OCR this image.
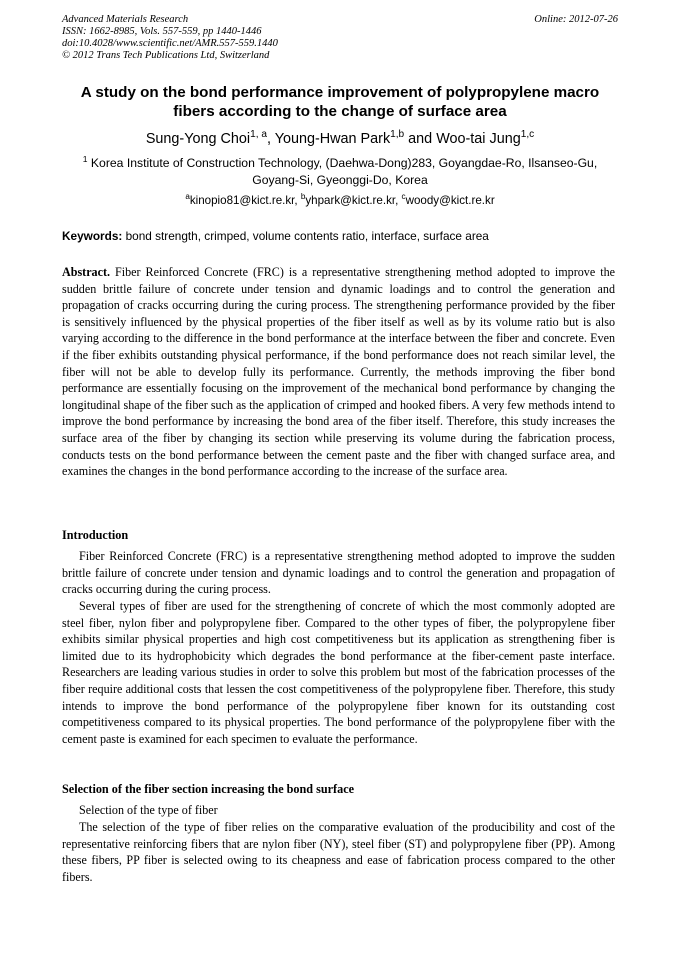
Advanced Materials Research
ISSN: 1662-8985, Vols. 557-559, pp 1440-1446
doi:10.4028/www.scientific.net/AMR.557-559.1440
© 2012 Trans Tech Publications Ltd, Switzerland
Online: 2012-07-26
A study on the bond performance improvement of polypropylene macro fibers according to the change of surface area
Sung-Yong Choi$^{1, a}$, Young-Hwan Park$^{1,b}$ and Woo-tai Jung$^{1,c}$
$^1$ Korea Institute of Construction Technology, (Daehwa-Dong)283, Goyangdae-Ro, Ilsanseo-Gu, Goyang-Si, Gyeonggi-Do, Korea
$^a$kinopio81@kict.re.kr, $^b$yhpark@kict.re.kr, $^c$woody@kict.re.kr
Keywords: bond strength, crimped, volume contents ratio, interface, surface area

Abstract. Fiber Reinforced Concrete (FRC) is a representative strengthening method adopted to improve the sudden brittle failure of concrete under tension and dynamic loadings and to control the generation and propagation of cracks occurring during the curing process. The strengthening performance provided by the fiber is sensitively influenced by the physical properties of the fiber itself as well as by its volume ratio but is also varying according to the difference in the bond performance at the interface between the fiber and concrete. Even if the fiber exhibits outstanding physical performance, if the bond performance does not reach similar level, the fiber will not be able to develop fully its performance. Currently, the methods improving the fiber bond performance are essentially focusing on the improvement of the mechanical bond performance by changing the longitudinal shape of the fiber such as the application of crimped and hooked fibers. A very few methods intend to improve the bond performance by increasing the bond area of the fiber itself. Therefore, this study increases the surface area of the fiber by changing its section while preserving its volume during the fabrication process, conducts tests on the bond performance between the cement paste and the fiber with changed surface area, and examines the changes in the bond performance according to the increase of the surface area.

Introduction

Fiber Reinforced Concrete (FRC) is a representative strengthening method adopted to improve the sudden brittle failure of concrete under tension and dynamic loadings and to control the generation and propagation of cracks occurring during the curing process.

Several types of fiber are used for the strengthening of concrete of which the most commonly adopted are steel fiber, nylon fiber and polypropylene fiber. Compared to the other types of fiber, the polypropylene fiber exhibits similar physical properties and high cost competitiveness but its application as strengthening fiber is limited due to its hydrophobicity which degrades the bond performance at the fiber-cement paste interface. Researchers are leading various studies in order to solve this problem but most of the fabrication processes of the fiber require additional costs that lessen the cost competitiveness of the polypropylene fiber. Therefore, this study intends to improve the bond performance of the polypropylene fiber known for its outstanding cost competitiveness compared to its physical properties. The bond performance of the polypropylene fiber with the cement paste is examined for each specimen to evaluate the performance.

Selection of the fiber section increasing the bond surface

Selection of the type of fiber

The selection of the type of fiber relies on the comparative evaluation of the producibility and cost of the representative reinforcing fibers that are nylon fiber (NY), steel fiber (ST) and polypropylene fiber (PP). Among these fibers, PP fiber is selected owing to its cheapness and ease of fabrication process compared to the other fibers.
